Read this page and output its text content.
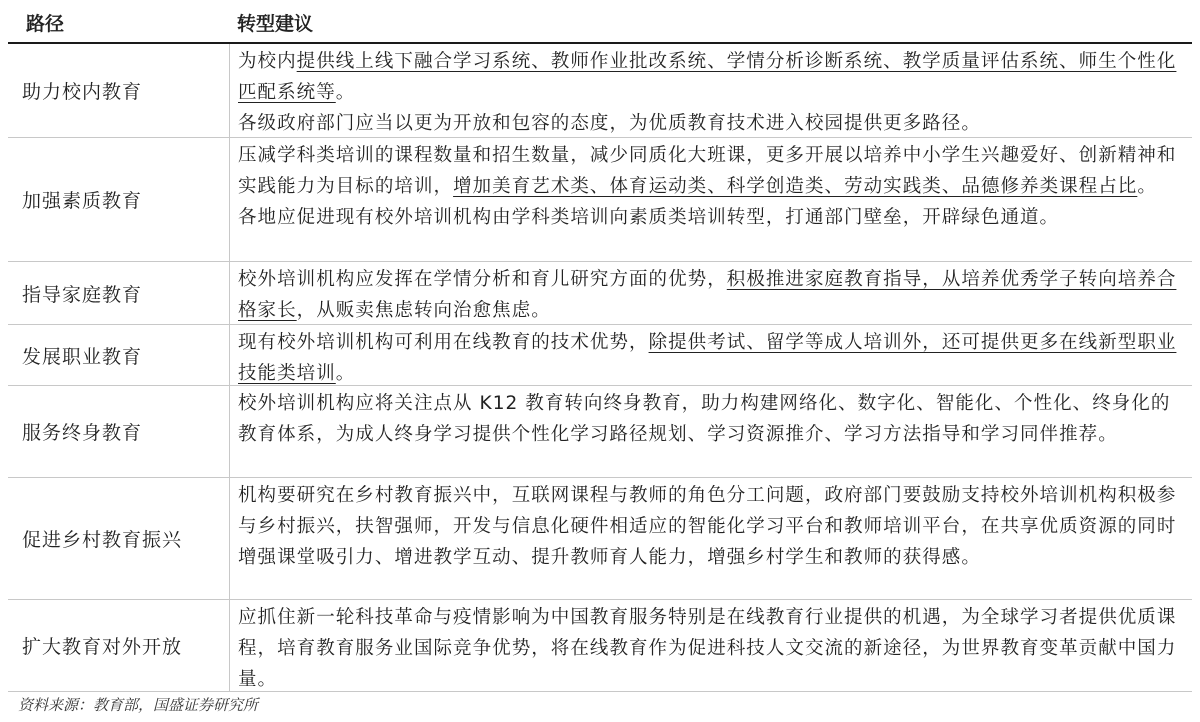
路径	转型建议
助力校内教育
为校内提供线上线下融合学习系统、教师作业批改系统、学情分析诊断系统、教学质量评估系统、师生个性化匹配系统等。
各级政府部门应当以更为开放和包容的态度，为优质教育技术进入校园提供更多路径。
加强素质教育
压减学科类培训的课程数量和招生数量，减少同质化大班课，更多开展以培养中小学生兴趣爱好、创新精神和实践能力为目标的培训，增加美育艺术类、体育运动类、科学创造类、劳动实践类、品德修养类课程占比。
各地应促进现有校外培训机构由学科类培训向素质类培训转型，打通部门壁垒，开辟绿色通道。
指导家庭教育
校外培训机构应发挥在学情分析和育儿研究方面的优势，积极推进家庭教育指导，从培养优秀学子转向培养合格家长，从贩卖焦虑转向治愈焦虑。
发展职业教育
现有校外培训机构可利用在线教育的技术优势，除提供考试、留学等成人培训外，还可提供更多在线新型职业技能类培训。
服务终身教育
校外培训机构应将关注点从 K12 教育转向终身教育，助力构建网络化、数字化、智能化、个性化、终身化的教育体系，为成人终身学习提供个性化学习路径规划、学习资源推介、学习方法指导和学习同伴推荐。
促进乡村教育振兴
机构要研究在乡村教育振兴中，互联网课程与教师的角色分工问题，政府部门要鼓励支持校外培训机构积极参与乡村振兴，扶智强师，开发与信息化硬件相适应的智能化学习平台和教师培训平台，在共享优质资源的同时增强课堂吸引力、增进教学互动、提升教师育人能力，增强乡村学生和教师的获得感。
扩大教育对外开放
应抓住新一轮科技革命与疫情影响为中国教育服务特别是在线教育行业提供的机遇，为全球学习者提供优质课程，培育教育服务业国际竞争优势，将在线教育作为促进科技人文交流的新途径，为世界教育变革贡献中国力量。
资料来源：教育部，国盛证券研究所
